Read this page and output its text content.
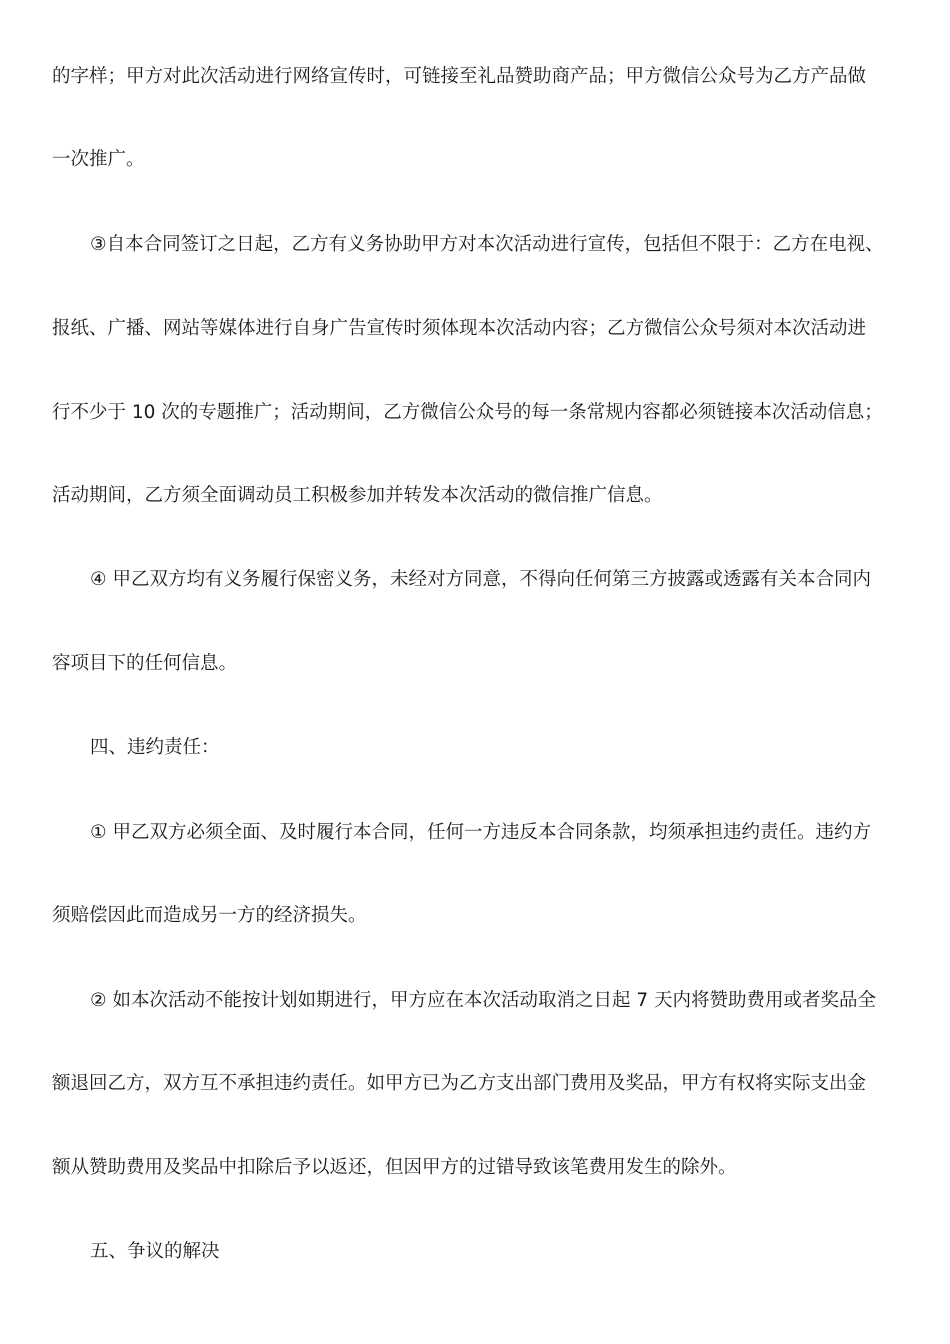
的字样；甲方对此次活动进行网络宣传时，可链接至礼品赞助商产品；甲方微信公众号为乙方产品做
一次推广。
③自本合同签订之日起，乙方有义务协助甲方对本次活动进行宣传，包括但不限于：乙方在电视、
报纸、广播、网站等媒体进行自身广告宣传时须体现本次活动内容；乙方微信公众号须对本次活动进
行不少于 10 次的专题推广；活动期间，乙方微信公众号的每一条常规内容都必须链接本次活动信息；
活动期间，乙方须全面调动员工积极参加并转发本次活动的微信推广信息。
④ 甲乙双方均有义务履行保密义务，未经对方同意，不得向任何第三方披露或透露有关本合同内
容项目下的任何信息。
四、违约责任：
① 甲乙双方必须全面、及时履行本合同，任何一方违反本合同条款，均须承担违约责任。违约方
须赔偿因此而造成另一方的经济损失。
② 如本次活动不能按计划如期进行，甲方应在本次活动取消之日起 7 天内将赞助费用或者奖品全
额退回乙方，双方互不承担违约责任。如甲方已为乙方支出部门费用及奖品，甲方有权将实际支出金
额从赞助费用及奖品中扣除后予以返还，但因甲方的过错导致该笔费用发生的除外。
五、争议的解决
